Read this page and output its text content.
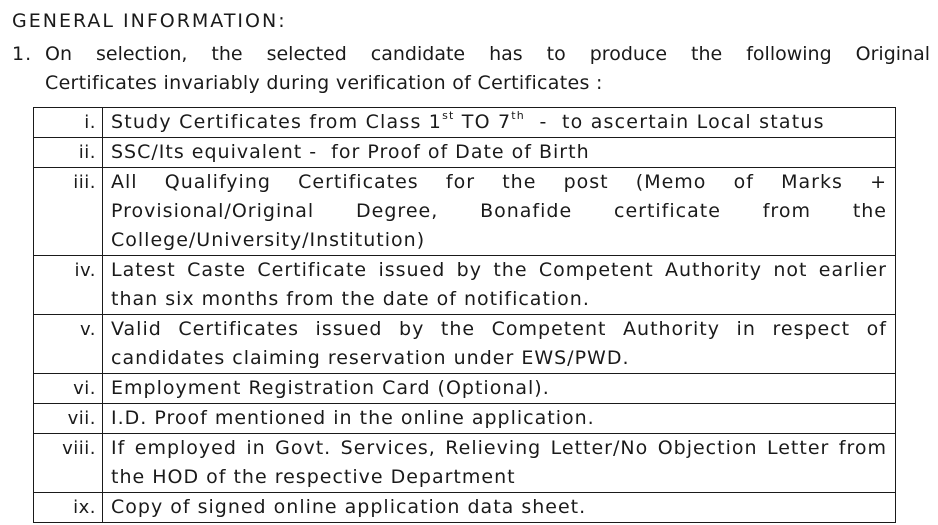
GENERAL INFORMATION:
1. On selection, the selected candidate has to produce the following Original
Certificates invariably during verification of Certificates :
i.	Study Certificates from Class 1st TO 7th  -  to ascertain Local status
ii.	SSC/Its equivalent -  for Proof of Date of Birth
iii.	All Qualifying Certificates for the post (Memo of Marks + Provisional/Original Degree, Bonafide certificate from the College/University/Institution)
iv.	Latest Caste Certificate issued by the Competent Authority not earlier than six months from the date of notification.
v.	Valid Certificates issued by the Competent Authority in respect of candidates claiming reservation under EWS/PWD.
vi.	Employment Registration Card (Optional).
vii.	I.D. Proof mentioned in the online application.
viii.	If employed in Govt. Services, Relieving Letter/No Objection Letter from the HOD of the respective Department
ix.	Copy of signed online application data sheet.
